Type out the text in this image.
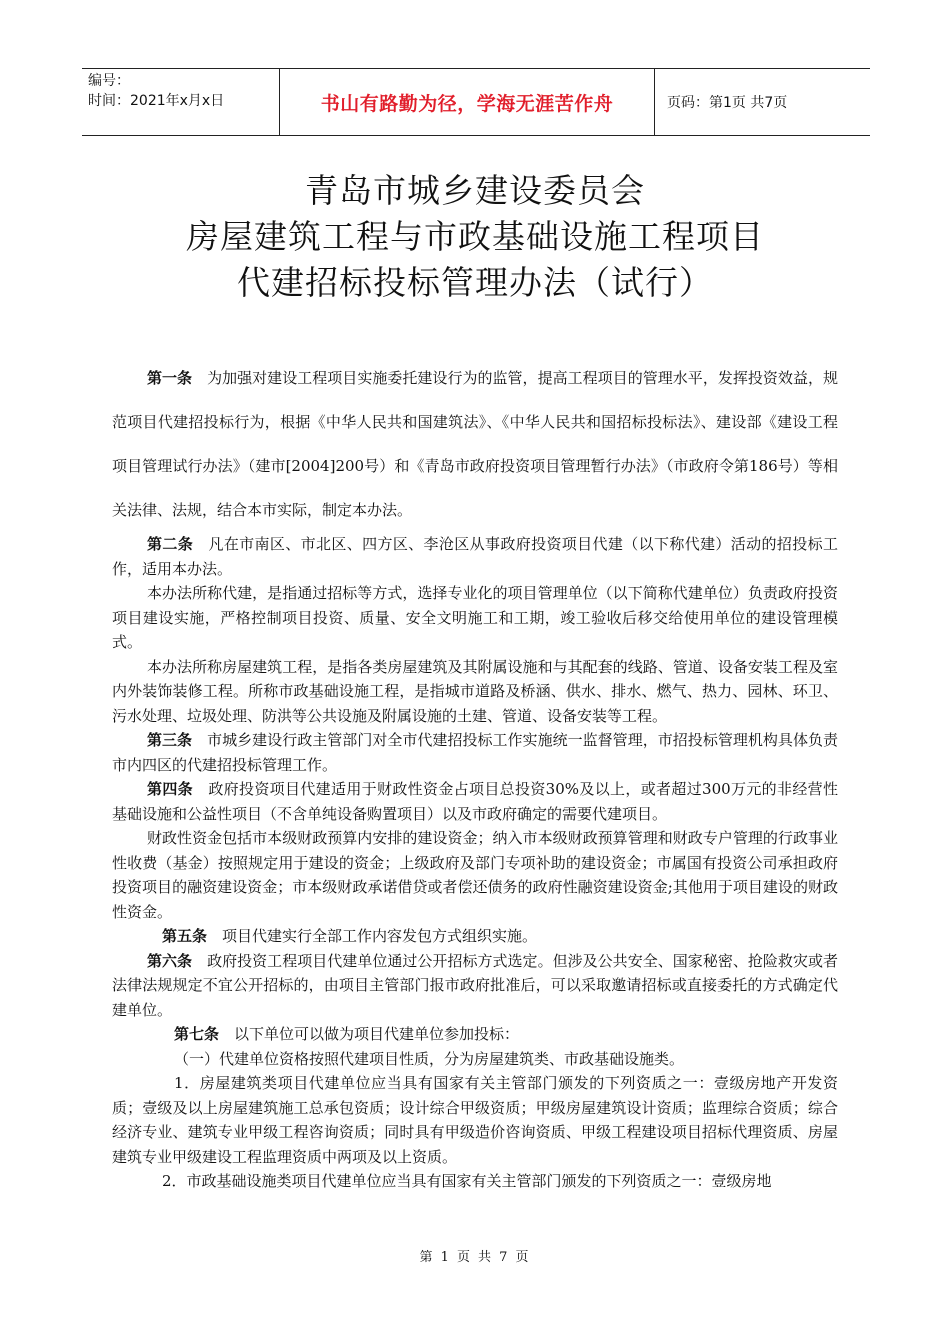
编号：
时间：2021年x月x日	书山有路勤为径，学海无涯苦作舟	页码：第1页 共7页
青岛市城乡建设委员会
房屋建筑工程与市政基础设施工程项目
代建招标投标管理办法（试行）

第一条  为加强对建设工程项目实施委托建设行为的监管，提高工程项目的管理水平，发挥投资效益，规范项目代建招投标行为，根据《中华人民共和国建筑法》、《中华人民共和国招标投标法》、建设部《建设工程项目管理试行办法》（建市[2004]200号）和《青岛市政府投资项目管理暂行办法》（市政府令第186号）等相关法律、法规，结合本市实际，制定本办法。

第二条  凡在市南区、市北区、四方区、李沧区从事政府投资项目代建（以下称代建）活动的招投标工作，适用本办法。

本办法所称代建，是指通过招标等方式，选择专业化的项目管理单位（以下简称代建单位）负责政府投资项目建设实施，严格控制项目投资、质量、安全文明施工和工期，竣工验收后移交给使用单位的建设管理模式。

本办法所称房屋建筑工程，是指各类房屋建筑及其附属设施和与其配套的线路、管道、设备安装工程及室内外装饰装修工程。所称市政基础设施工程，是指城市道路及桥涵、供水、排水、燃气、热力、园林、环卫、污水处理、垃圾处理、防洪等公共设施及附属设施的土建、管道、设备安装等工程。

第三条  市城乡建设行政主管部门对全市代建招投标工作实施统一监督管理，市招投标管理机构具体负责市内四区的代建招投标管理工作。

第四条  政府投资项目代建适用于财政性资金占项目总投资30%及以上，或者超过300万元的非经营性基础设施和公益性项目（不含单纯设备购置项目）以及市政府确定的需要代建项目。

财政性资金包括市本级财政预算内安排的建设资金；纳入市本级财政预算管理和财政专户管理的行政事业性收费（基金）按照规定用于建设的资金；上级政府及部门专项补助的建设资金；市属国有投资公司承担政府投资项目的融资建设资金；市本级财政承诺借贷或者偿还债务的政府性融资建设资金;其他用于项目建设的财政性资金。

第五条  项目代建实行全部工作内容发包方式组织实施。

第六条  政府投资工程项目代建单位通过公开招标方式选定。但涉及公共安全、国家秘密、抢险救灾或者法律法规规定不宜公开招标的，由项目主管部门报市政府批准后，可以采取邀请招标或直接委托的方式确定代建单位。

第七条  以下单位可以做为项目代建单位参加投标：

（一）代建单位资格按照代建项目性质，分为房屋建筑类、市政基础设施类。

1．房屋建筑类项目代建单位应当具有国家有关主管部门颁发的下列资质之一：壹级房地产开发资质；壹级及以上房屋建筑施工总承包资质；设计综合甲级资质；甲级房屋建筑设计资质；监理综合资质；综合经济专业、建筑专业甲级工程咨询资质；同时具有甲级造价咨询资质、甲级工程建设项目招标代理资质、房屋建筑专业甲级建设工程监理资质中两项及以上资质。

2．市政基础设施类项目代建单位应当具有国家有关主管部门颁发的下列资质之一：壹级房地

第 1 页 共 7 页
